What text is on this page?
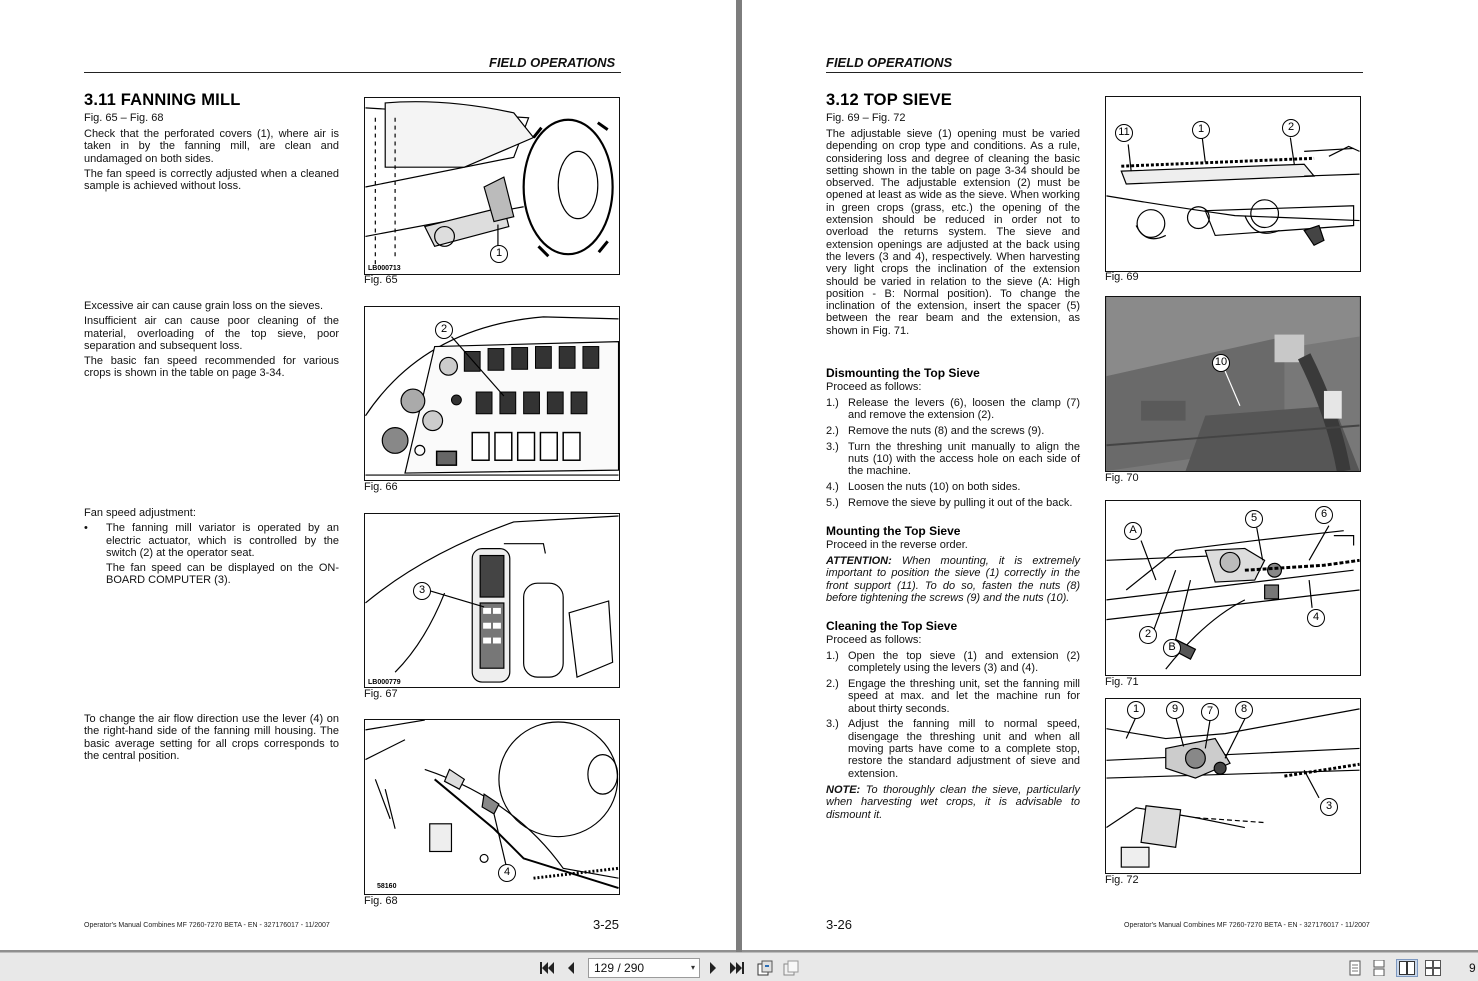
FIELD OPERATIONS
3.11 FANNING MILL
Fig. 65 – Fig. 68

Check that the perforated covers (1), where air is taken in by the fanning mill, are clean and undamaged on both sides.

The fan speed is correctly adjusted when a cleaned sample is achieved without loss.

Excessive air can cause grain loss on the sieves.

Insufficient air can cause poor cleaning of the material, overloading of the top sieve, poor separation and subsequent loss.

The basic fan speed recommended for various crops is shown in the table on page 3-34.

Fan speed adjustment:

•	The fanning mill variator is operated by an electric actuator, which is controlled by the switch (2) at the operator seat.

The fan speed can be displayed on the ON-BOARD COMPUTER (3).

To change the air flow direction use the lever (4) on the right-hand side of the fanning mill housing. The basic average setting for all crops corresponds to the central position.
LB000713
1
Fig. 65
2
Fig. 66
LB000779
3
Fig. 67
58160
4
Fig. 68
Operator's Manual Combines MF 7260-7270 BETA - EN - 327176017 - 11/2007	3-25
FIELD OPERATIONS
3.12 TOP SIEVE
Fig. 69 – Fig. 72
The adjustable sieve (1) opening must be varied depending on crop type and conditions. As a rule, considering loss and degree of cleaning the basic setting shown in the table on page 3-34 should be observed. The adjustable extension (2) must be opened at least as wide as the sieve. When working in green crops (grass, etc.) the opening of the extension should be reduced in order not to overload the returns system. The sieve and extension openings are adjusted at the back using the levers (3 and 4), respectively. When harvesting very light crops the inclination of the extension should be varied in relation to the sieve (A: High position - B: Normal position). To change the inclination of the extension, insert the spacer (5) between the rear beam and the extension, as shown in Fig. 71.
Dismounting the Top Sieve
Proceed as follows:
1.) Release the levers (6), loosen the clamp (7) and remove the extension (2).
2.) Remove the nuts (8) and the screws (9).
3.) Turn the threshing unit manually to align the nuts (10) with the access hole on each side of the machine.
4.) Loosen the nuts (10) on both sides.
5.) Remove the sieve by pulling it out of the back.
Mounting the Top Sieve
Proceed in the reverse order.
ATTENTION: When mounting, it is extremely important to position the sieve (1) correctly in the front support (11). To do so, fasten the nuts (8) before tightening the screws (9) and the nuts (10).
Cleaning the Top Sieve
Proceed as follows:
1.) Open the top sieve (1) and extension (2) completely using the levers (3) and (4).
2.) Engage the threshing unit, set the fanning mill speed at max. and let the machine run for about thirty seconds.
3.) Adjust the fanning mill to normal speed, disengage the threshing unit and when all moving parts have come to a complete stop, restore the standard adjustment of sieve and extension.
NOTE: To thoroughly clean the sieve, particularly when harvesting wet crops, it is advisable to dismount it.
11	1	2
Fig. 69
10
Fig. 70
A
5	6
2
B
4
Fig. 71
1	9	7	8
3
Fig. 72
3-26	Operator's Manual Combines MF 7260-7270 BETA - EN - 327176017 - 11/2007
129 / 290	▾	9
